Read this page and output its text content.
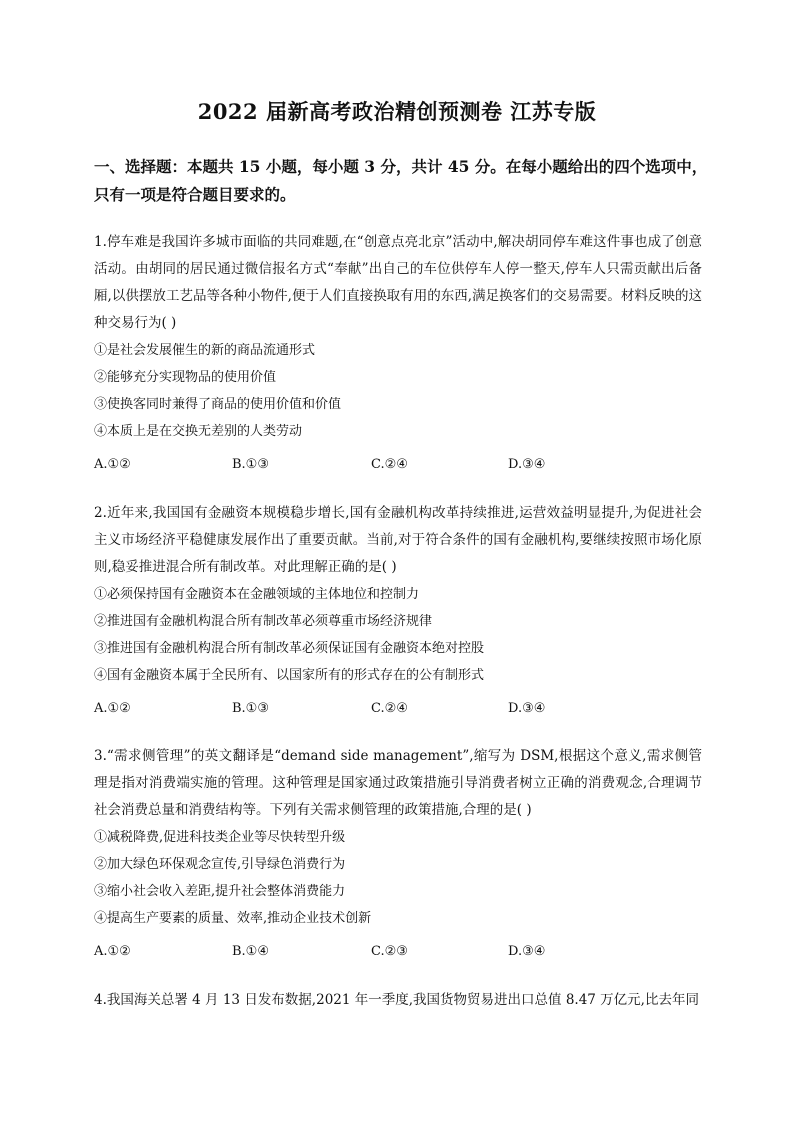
2022 届新高考政治精创预测卷 江苏专版
一、选择题：本题共 15 小题，每小题 3 分，共计 45 分。在每小题给出的四个选项中，只有一项是符合题目要求的。
1.停车难是我国许多城市面临的共同难题,在“创意点亮北京”活动中,解决胡同停车难这件事也成了创意活动。由胡同的居民通过微信报名方式“奉献”出自己的车位供停车人停一整天,停车人只需贡献出后备厢,以供摆放工艺品等各种小物件,便于人们直接换取有用的东西,满足换客们的交易需要。材料反映的这种交易行为( )
①是社会发展催生的新的商品流通形式
②能够充分实现物品的使用价值
③使换客同时兼得了商品的使用价值和价值
④本质上是在交换无差别的人类劳动
A.①②	B.①③	C.②④	D.③④
2.近年来,我国国有金融资本规模稳步增长,国有金融机构改革持续推进,运营效益明显提升,为促进社会主义市场经济平稳健康发展作出了重要贡献。当前,对于符合条件的国有金融机构,要继续按照市场化原则,稳妥推进混合所有制改革。对此理解正确的是( )
①必须保持国有金融资本在金融领域的主体地位和控制力
②推进国有金融机构混合所有制改革必须尊重市场经济规律
③推进国有金融机构混合所有制改革必须保证国有金融资本绝对控股
④国有金融资本属于全民所有、以国家所有的形式存在的公有制形式
A.①②	B.①③	C.②④	D.③④
3.“需求侧管理”的英文翻译是“demand side management”,缩写为 DSM,根据这个意义,需求侧管理是指对消费端实施的管理。这种管理是国家通过政策措施引导消费者树立正确的消费观念,合理调节社会消费总量和消费结构等。下列有关需求侧管理的政策措施,合理的是( )
①减税降费,促进科技类企业等尽快转型升级
②加大绿色环保观念宣传,引导绿色消费行为
③缩小社会收入差距,提升社会整体消费能力
④提高生产要素的质量、效率,推动企业技术创新
A.①②	B.①④	C.②③	D.③④
4.我国海关总署 4 月 13 日发布数据,2021 年一季度,我国货物贸易进出口总值 8.47 万亿元,比去年同
